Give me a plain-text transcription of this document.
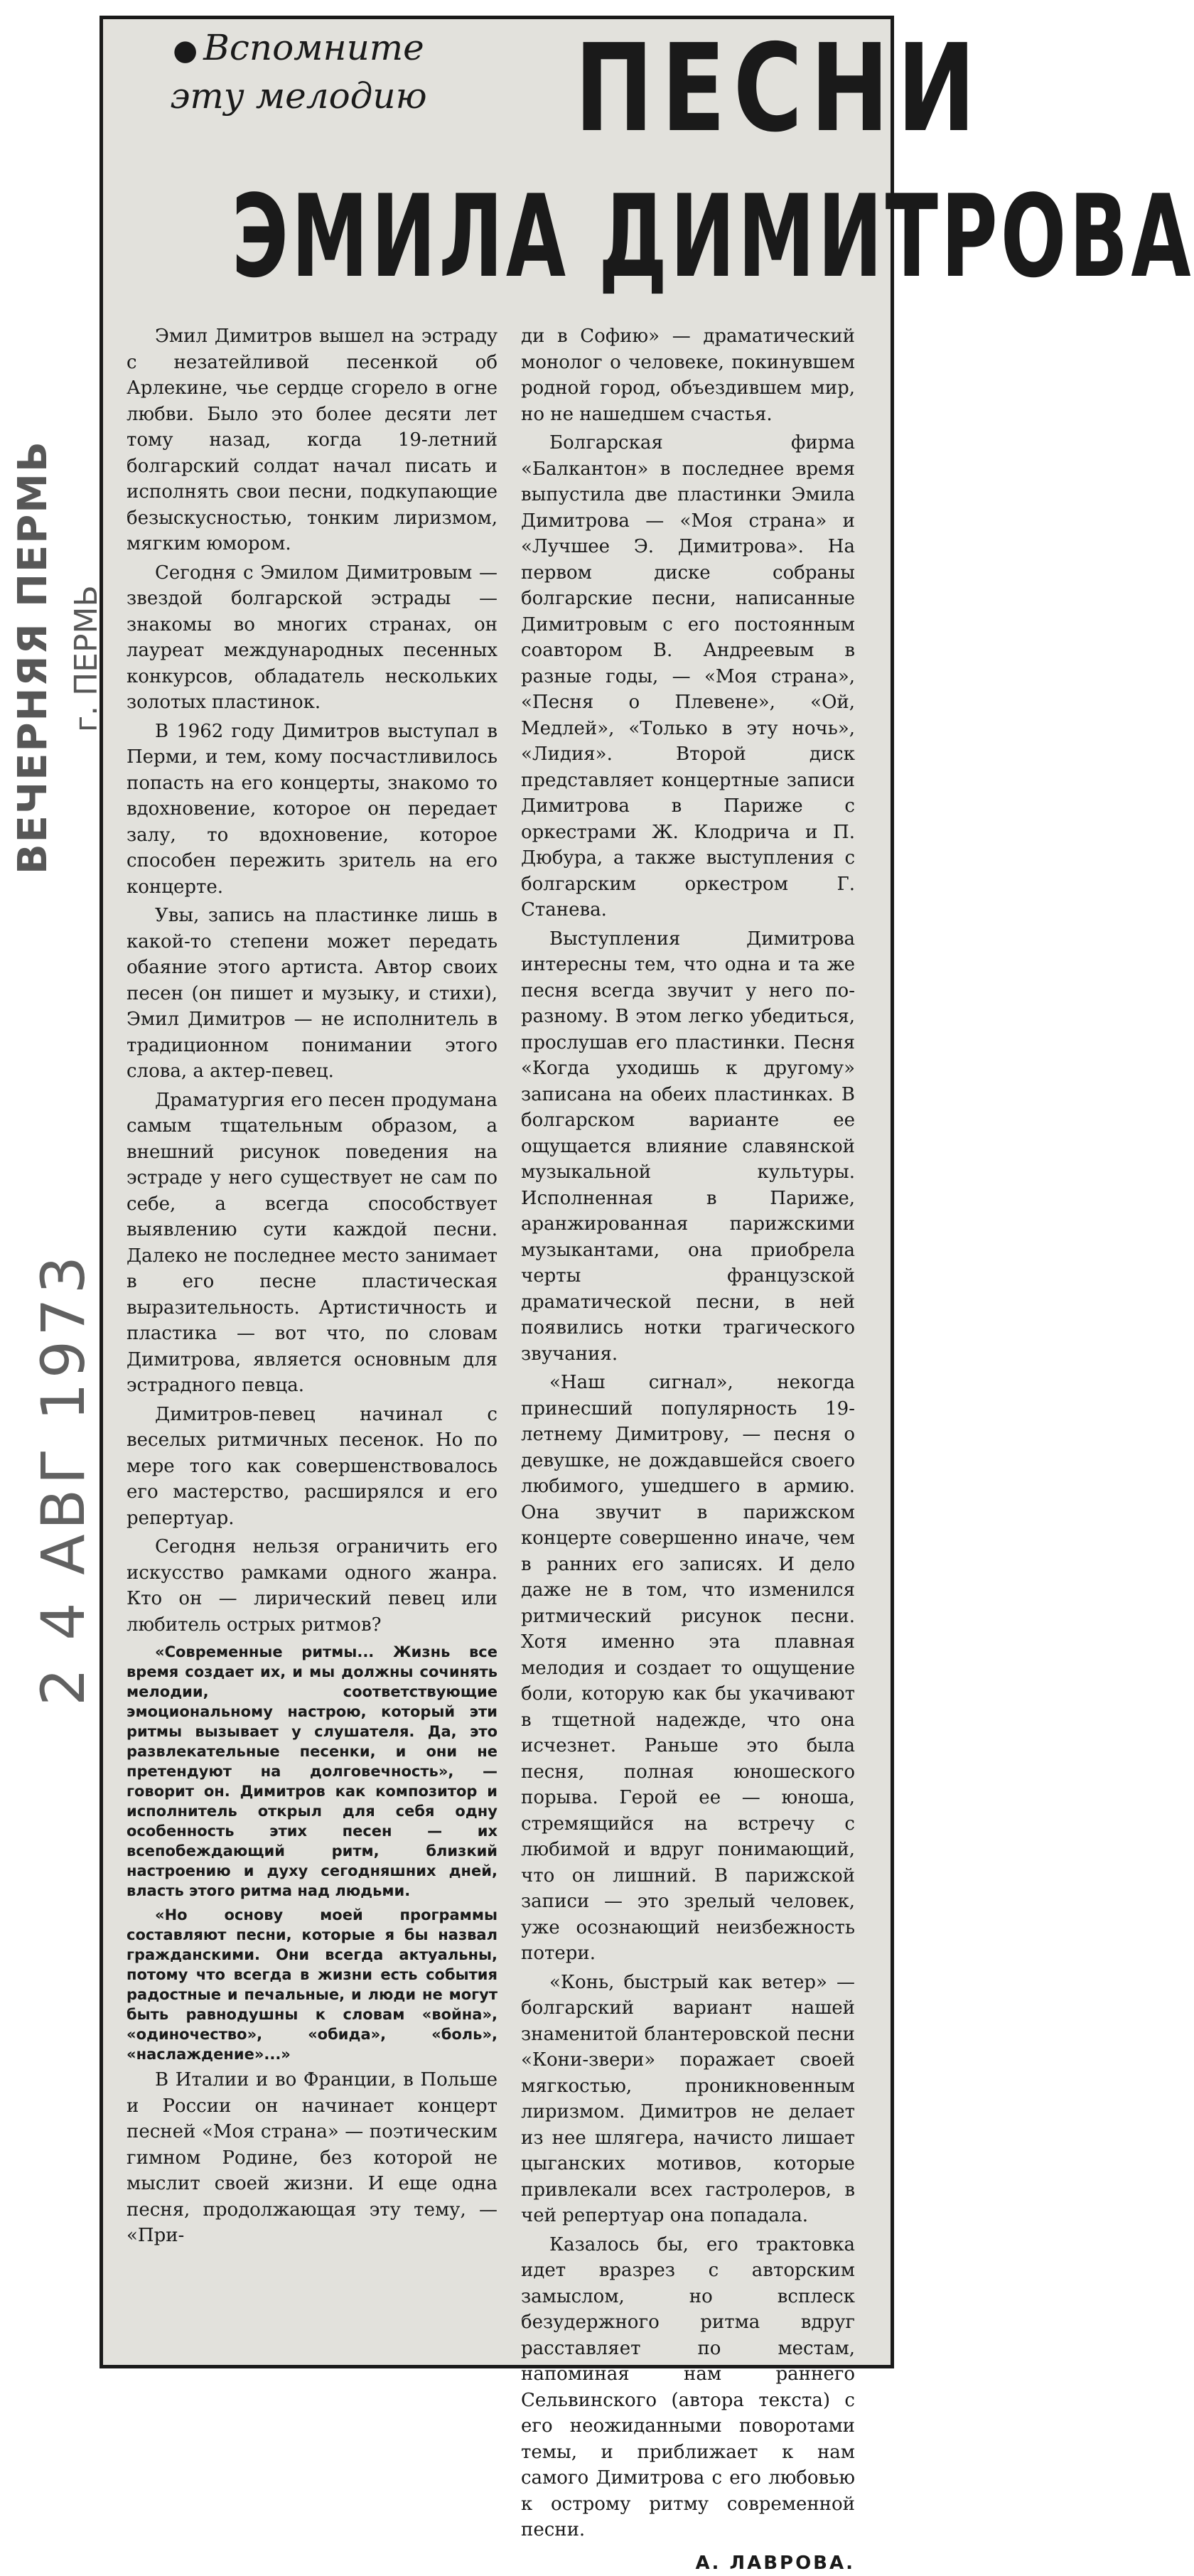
ВЕЧЕРНЯЯ ПЕРМЬ г. ПЕРМЬ
2 4 АВГ 1973
● Вспомните
эту мелодию ПЕСНИ
ЭМИЛА ДИМИТРОВА

Эмил Димитров вышел на эстраду с незатейливой песенкой об Арлекине, чье сердце сгорело в огне любви. Было это более десяти лет тому назад, когда 19-летний болгарский солдат начал писать и исполнять свои песни, подкупающие безыскусностью, тонким лиризмом, мягким юмором.

Сегодня с Эмилом Димитровым — звездой болгарской эстрады — знакомы во многих странах, он лауреат международных песенных конкурсов, обладатель нескольких золотых пластинок.

В 1962 году Димитров выступал в Перми, и тем, кому посчастливилось попасть на его концерты, знакомо то вдохновение, которое он передает залу, то вдохновение, которое способен пережить зритель на его концерте.

Увы, запись на пластинке лишь в какой-то степени может передать обаяние этого артиста. Автор своих песен (он пишет и музыку, и стихи), Эмил Димитров — не исполнитель в традиционном понимании этого слова, а актер-певец.

Драматургия его песен продумана самым тщательным образом, а внешний рисунок поведения на эстраде у него существует не сам по себе, а всегда способствует выявлению сути каждой песни. Далеко не последнее место занимает в его песне пластическая выразительность. Артистичность и пластика — вот что, по словам Димитрова, является основным для эстрадного певца.

Димитров-певец начинал с веселых ритмичных песенок. Но по мере того как совершенствовалось его мастерство, расширялся и его репертуар.

Сегодня нельзя ограничить его искусство рамками одного жанра. Кто он — лирический певец или любитель острых ритмов?

«Современные ритмы... Жизнь все время создает их, и мы должны сочинять мелодии, соответствующие эмоциональному настрою, который эти ритмы вызывает у слушателя. Да, это развлекательные песенки, и они не претендуют на долговечность», — говорит он. Димитров как композитор и исполнитель открыл для себя одну особенность этих песен — их всепобеждающий ритм, близкий настроению и духу сегодняшних дней, власть этого ритма над людьми.

«Но основу моей программы составляют песни, которые я бы назвал гражданскими. Они всегда актуальны, потому что всегда в жизни есть события радостные и печальные, и люди не могут быть равнодушны к словам «война», «одиночество», «обида», «боль», «наслаждение»...»

В Италии и во Франции, в Польше и России он начинает концерт песней «Моя страна» — поэтическим гимном Родине, без которой не мыслит своей жизни. И еще одна песня, продолжающая эту тему, — «При-

ди в Софию» — драматический монолог о человеке, покинувшем родной город, объездившем мир, но не нашедшем счастья.

Болгарская фирма «Балкантон» в последнее время выпустила две пластинки Эмила Димитрова — «Моя страна» и «Лучшее Э. Димитрова». На первом диске собраны болгарские песни, написанные Димитровым с его постоянным соавтором В. Андреевым в разные годы, — «Моя страна», «Песня о Плевене», «Ой, Медлей», «Только в эту ночь», «Лидия». Второй диск представляет концертные записи Димитрова в Париже с оркестрами Ж. Клодрича и П. Дюбура, а также выступления с болгарским оркестром Г. Станева.

Выступления Димитрова интересны тем, что одна и та же песня всегда звучит у него по-разному. В этом легко убедиться, прослушав его пластинки. Песня «Когда уходишь к другому» записана на обеих пластинках. В болгарском варианте ее ощущается влияние славянской музыкальной культуры. Исполненная в Париже, аранжированная парижскими музыкантами, она приобрела черты французской драматической песни, в ней появились нотки трагического звучания.

«Наш сигнал», некогда принесший популярность 19-летнему Димитрову, — песня о девушке, не дождавшейся своего любимого, ушедшего в армию. Она звучит в парижском концерте совершенно иначе, чем в ранних его записях. И дело даже не в том, что изменился ритмический рисунок песни. Хотя именно эта плавная мелодия и создает то ощущение боли, которую как бы укачивают в тщетной надежде, что она исчезнет. Раньше это была песня, полная юношеского порыва. Герой ее — юноша, стремящийся на встречу с любимой и вдруг понимающий, что он лишний. В парижской записи — это зрелый человек, уже осознающий неизбежность потери.

«Конь, быстрый как ветер» — болгарский вариант нашей знаменитой блантеровской песни «Кони-звери» поражает своей мягкостью, проникновенным лиризмом. Димитров не делает из нее шлягера, начисто лишает цыганских мотивов, которые привлекали всех гастролеров, в чей репертуар она попадала.

Казалось бы, его трактовка идет вразрез с авторским замыслом, но всплеск безудержного ритма вдруг расставляет по местам, напоминая нам раннего Сельвинского (автора текста) с его неожиданными поворотами темы, и приближает к нам самого Димитрова с его любовью к острому ритму современной песни.

А. ЛАВРОВА.
